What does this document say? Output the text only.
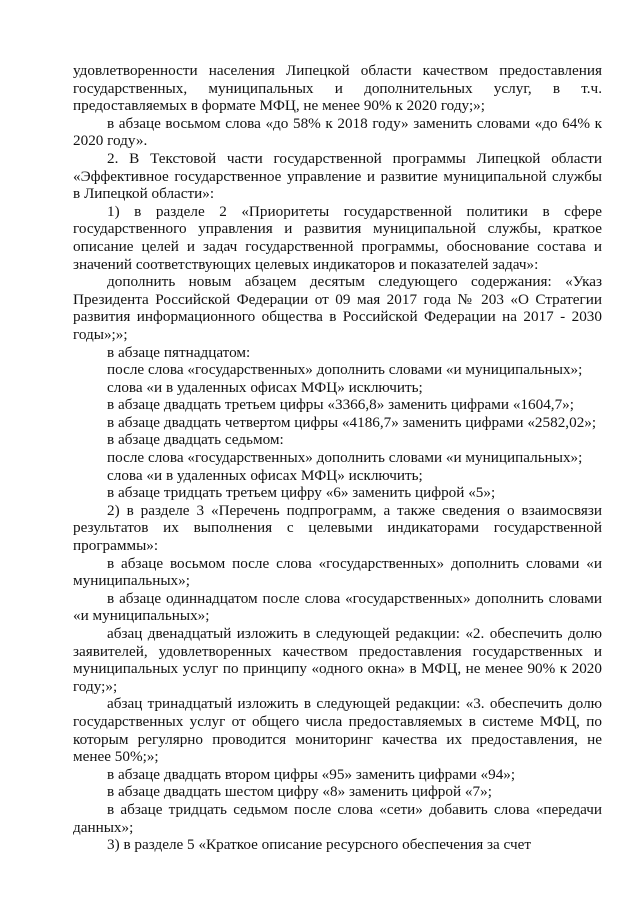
удовлетворенности населения Липецкой области качеством предоставления государственных, муниципальных и дополнительных услуг, в т.ч. предоставляемых в формате МФЦ, не менее 90% к 2020 году;»;

в абзаце восьмом слова «до 58% к 2018 году» заменить словами «до 64% к 2020 году».

2. В Текстовой части государственной программы Липецкой области «Эффективное государственное управление и развитие муниципальной службы в Липецкой области»:

1) в разделе 2 «Приоритеты государственной политики в сфере государственного управления и развития муниципальной службы, краткое описание целей и задач государственной программы, обоснование состава и значений соответствующих целевых индикаторов и показателей задач»:

дополнить новым абзацем десятым следующего содержания: «Указ Президента Российской Федерации от 09 мая 2017 года № 203 «О Стратегии развития информационного общества в Российской Федерации на 2017 - 2030 годы»;»;

в абзаце пятнадцатом:

после слова «государственных» дополнить словами «и муниципальных»;

слова «и в удаленных офисах МФЦ» исключить;

в абзаце двадцать третьем цифры «3366,8» заменить цифрами «1604,7»;

в абзаце двадцать четвертом цифры «4186,7» заменить цифрами «2582,02»;

в абзаце двадцать седьмом:

после слова «государственных» дополнить словами «и муниципальных»;

слова «и в удаленных офисах МФЦ» исключить;

в абзаце тридцать третьем цифру «6» заменить цифрой «5»;

2) в разделе 3 «Перечень подпрограмм, а также сведения о взаимосвязи результатов их выполнения с целевыми индикаторами государственной программы»:

в абзаце восьмом после слова «государственных» дополнить словами «и муниципальных»;

в абзаце одиннадцатом после слова «государственных» дополнить словами «и муниципальных»;

абзац двенадцатый изложить в следующей редакции: «2. обеспечить долю заявителей, удовлетворенных качеством предоставления государственных и муниципальных услуг по принципу «одного окна» в МФЦ, не менее 90% к 2020 году;»;

абзац тринадцатый изложить в следующей редакции: «3. обеспечить долю государственных услуг от общего числа предоставляемых в системе МФЦ, по которым регулярно проводится мониторинг качества их предоставления, не менее 50%;»;

в абзаце двадцать втором цифры «95» заменить цифрами «94»;

в абзаце двадцать шестом цифру «8» заменить цифрой «7»;

в абзаце тридцать седьмом после слова «сети» добавить слова «передачи данных»;

3) в разделе 5 «Краткое описание ресурсного обеспечения за счет
